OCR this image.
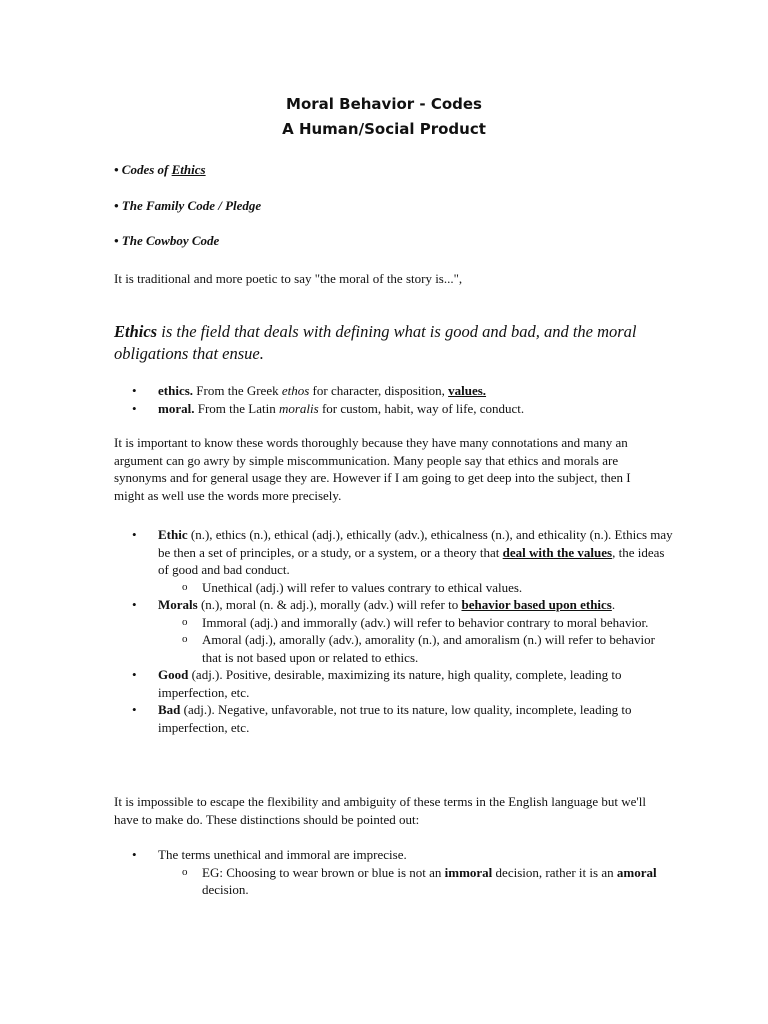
Moral Behavior - Codes
A Human/Social Product
• Codes of Ethics
• The Family Code / Pledge
• The Cowboy Code
It is traditional and more poetic to say "the moral of the story is...",
Ethics is the field that deals with defining what is good and bad, and the moral obligations that ensue.
• ethics. From the Greek ethos for character, disposition, values.
• moral. From the Latin moralis for custom, habit, way of life, conduct.
It is important to know these words thoroughly because they have many connotations and many an argument can go awry by simple miscommunication. Many people say that ethics and morals are synonyms and for general usage they are. However if I am going to get deep into the subject, then I might as well use the words more precisely.
• Ethic (n.), ethics (n.), ethical (adj.), ethically (adv.), ethicalness (n.), and ethicality (n.). Ethics may be then a set of principles, or a study, or a system, or a theory that deal with the values, the ideas of good and bad conduct.
o Unethical (adj.) will refer to values contrary to ethical values.
• Morals (n.), moral (n. & adj.), morally (adv.) will refer to behavior based upon ethics.
o Immoral (adj.) and immorally (adv.) will refer to behavior contrary to moral behavior.
o Amoral (adj.), amorally (adv.), amorality (n.), and amoralism (n.) will refer to behavior that is not based upon or related to ethics.
• Good (adj.). Positive, desirable, maximizing its nature, high quality, complete, leading to imperfection, etc.
• Bad (adj.). Negative, unfavorable, not true to its nature, low quality, incomplete, leading to imperfection, etc.
It is impossible to escape the flexibility and ambiguity of these terms in the English language but we'll have to make do. These distinctions should be pointed out:
• The terms unethical and immoral are imprecise.
o EG: Choosing to wear brown or blue is not an immoral decision, rather it is an amoral decision.
